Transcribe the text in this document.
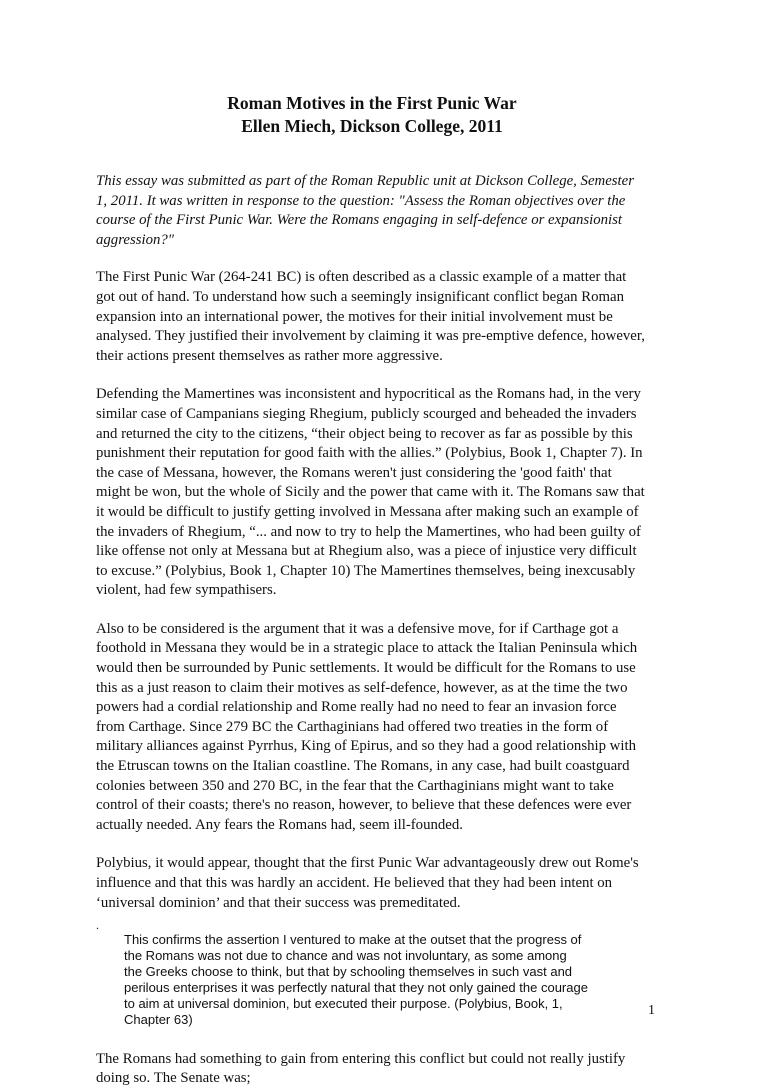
Roman Motives in the First Punic War
Ellen Miech, Dickson College, 2011

This essay was submitted as part of the Roman Republic unit at Dickson College, Semester 1, 2011. It was written in response to the question: "Assess the Roman objectives over the course of the First Punic War. Were the Romans engaging in self-defence or expansionist aggression?"

The First Punic War (264-241 BC) is often described as a classic example of a matter that got out of hand. To understand how such a seemingly insignificant conflict began Roman expansion into an international power, the motives for their initial involvement must be analysed. They justified their involvement by claiming it was pre-emptive defence, however, their actions present themselves as rather more aggressive.

Defending the Mamertines was inconsistent and hypocritical as the Romans had, in the very similar case of Campanians sieging Rhegium, publicly scourged and beheaded the invaders and returned the city to the citizens, “their object being to recover as far as possible by this punishment their reputation for good faith with the allies.” (Polybius, Book 1, Chapter 7). In the case of Messana, however, the Romans weren't just considering the 'good faith' that might be won, but the whole of Sicily and the power that came with it. The Romans saw that it would be difficult to justify getting involved in Messana after making such an example of the invaders of Rhegium, “... and now to try to help the Mamertines, who had been guilty of like offense not only at Messana but at Rhegium also, was a piece of injustice very difficult to excuse.” (Polybius, Book 1, Chapter 10) The Mamertines themselves, being inexcusably violent, had few sympathisers.

Also to be considered is the argument that it was a defensive move, for if Carthage got a foothold in Messana they would be in a strategic place to attack the Italian Peninsula which would then be surrounded by Punic settlements. It would be difficult for the Romans to use this as a just reason to claim their motives as self-defence, however, as at the time the two powers had a cordial relationship and Rome really had no need to fear an invasion force from Carthage. Since 279 BC the Carthaginians had offered two treaties in the form of military alliances against Pyrrhus, King of Epirus, and so they had a good relationship with the Etruscan towns on the Italian coastline. The Romans, in any case, had built coastguard colonies between 350 and 270 BC, in the fear that the Carthaginians might want to take control of their coasts; there's no reason, however, to believe that these defences were ever actually needed. Any fears the Romans had, seem ill-founded.

Polybius, it would appear, thought that the first Punic War advantageously drew out Rome's influence and that this was hardly an accident. He believed that they had been intent on ‘universal dominion’ and that their success was premeditated.

.

This confirms the assertion I ventured to make at the outset that the progress of the Romans was not due to chance and was not involuntary, as some among the Greeks choose to think, but that by schooling themselves in such vast and perilous enterprises it was perfectly natural that they not only gained the courage to aim at universal dominion, but executed their purpose. (Polybius, Book, 1, Chapter 63)

The Romans had something to gain from entering this conflict but could not really justify doing so. The Senate was;

1
